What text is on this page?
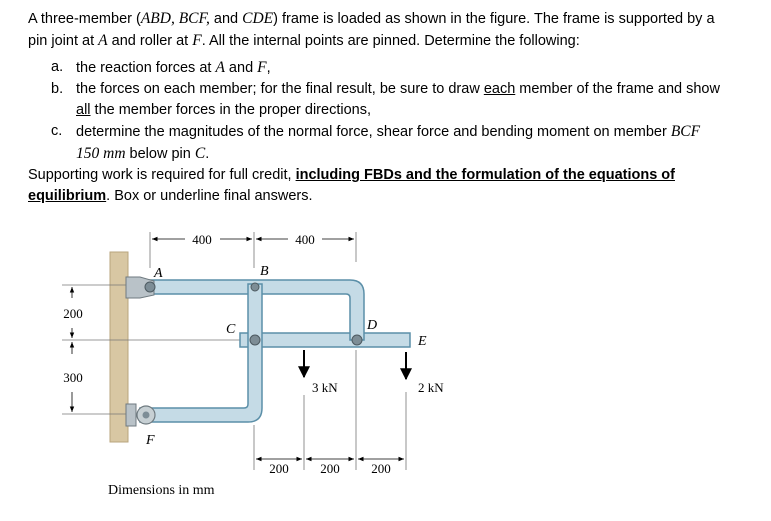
A three-member (ABD, BCF, and CDE) frame is loaded as shown in the figure. The frame is supported by a

pin joint at A and roller at F. All the internal points are pinned. Determine the following:

a. the reaction forces at A and F,
b. the forces on each member; for the final result, be sure to draw each member of the frame and show
all the member forces in the proper directions,
c. determine the magnitudes of the normal force, shear force and bending moment on member BCF
150 mm below pin C.

Supporting work is required for full credit, including FBDs and the formulation of the equations of equilibrium. Box or underline final answers.

400	400
200
300
A	B
C	D
E
F
3 kN	2 kN
200 200 200
Dimensions in mm
